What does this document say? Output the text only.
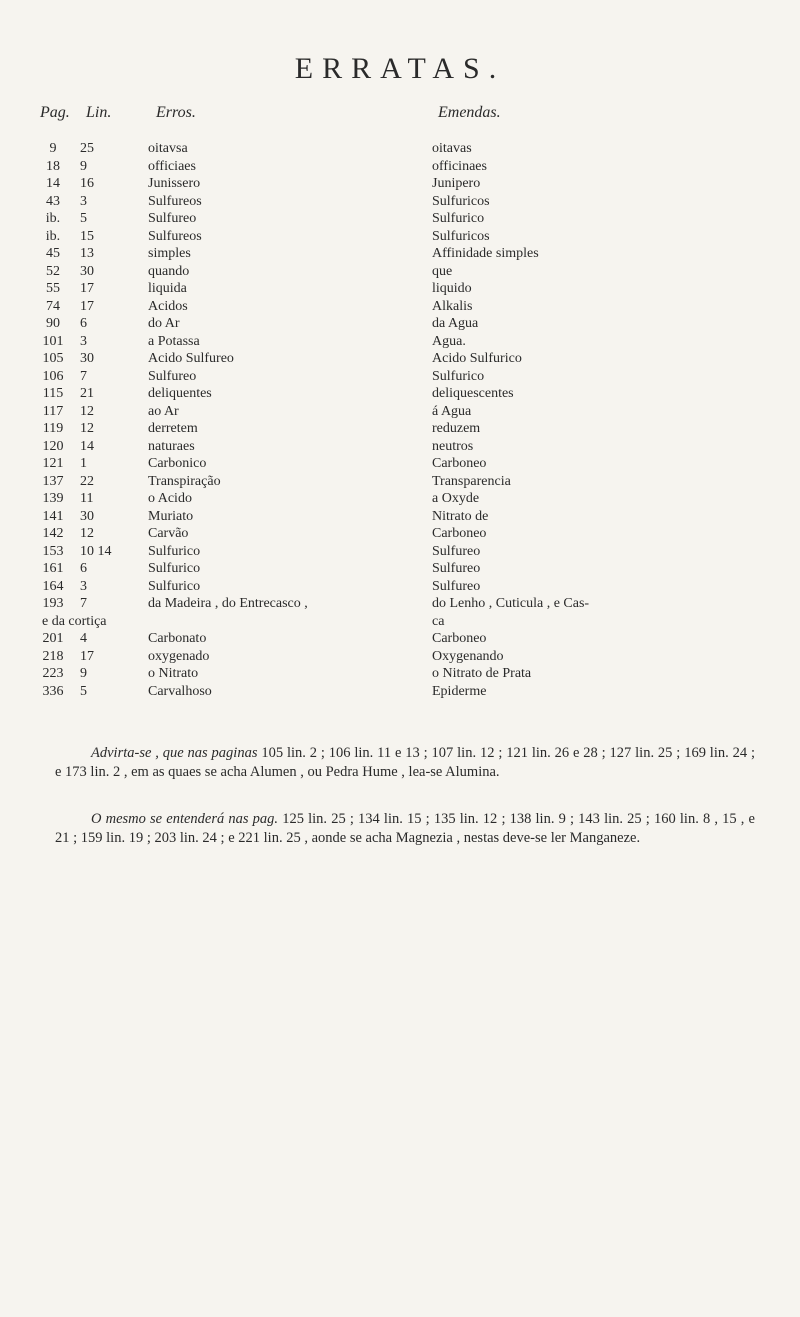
ERRATAS.
Pag. Lin.	Erros.	Emendas.
9	25	oitavsa	oitavas
18	9	officiaes	officinaes
14	16	Junissero	Junipero
43	3	Sulfureos	Sulfuricos
ib.	5	Sulfureo	Sulfurico
ib.	15	Sulfureos	Sulfuricos
45	13	simples	Affinidade simples
52	30	quando	que
55	17	liquida	liquido
74	17	Acidos	Alkalis
90	6	do Ar	da Agua
101	3	a Potassa	Agua.
105	30	Acido Sulfureo	Acido Sulfurico
106	7	Sulfureo	Sulfurico
115	21	deliquentes	deliquescentes
117	12	ao Ar	á Agua
119	12	derretem	reduzem
120	14	naturaes	neutros
121	1	Carbonico	Carboneo
137	22	Transpiração	Transparencia
139	11	o Acido	a Oxyde
141	30	Muriato	Nitrato de
142	12	Carvão	Carboneo
153	10 14	Sulfurico	Sulfureo
161	6	Sulfurico	Sulfureo
164	3	Sulfurico	Sulfureo
193	7	da Madeira , do Entrecasco ,	do Lenho , Cuticula , e Cas-
e da cortiça	ca
201	4	Carbonato	Carboneo
218	17	oxygenado	Oxygenando
223	9	o Nitrato	o Nitrato de Prata
336	5	Carvalhoso	Epiderme

Advirta-se , que nas paginas 105 lin. 2 ; 106 lin. 11 e 13 ; 107 lin. 12 ; 121 lin. 26 e 28 ; 127 lin. 25 ; 169 lin. 24 ; e 173 lin. 2 , em as quaes se acha Alumen , ou Pedra Hume , lea-se Alumina.

O mesmo se entenderá nas pag. 125 lin. 25 ; 134 lin. 15 ; 135 lin. 12 ; 138 lin. 9 ; 143 lin. 25 ; 160 lin. 8 , 15 , e 21 ; 159 lin. 19 ; 203 lin. 24 ; e 221 lin. 25 , aonde se acha Magnezia , nestas deve-se ler Manganeze.
